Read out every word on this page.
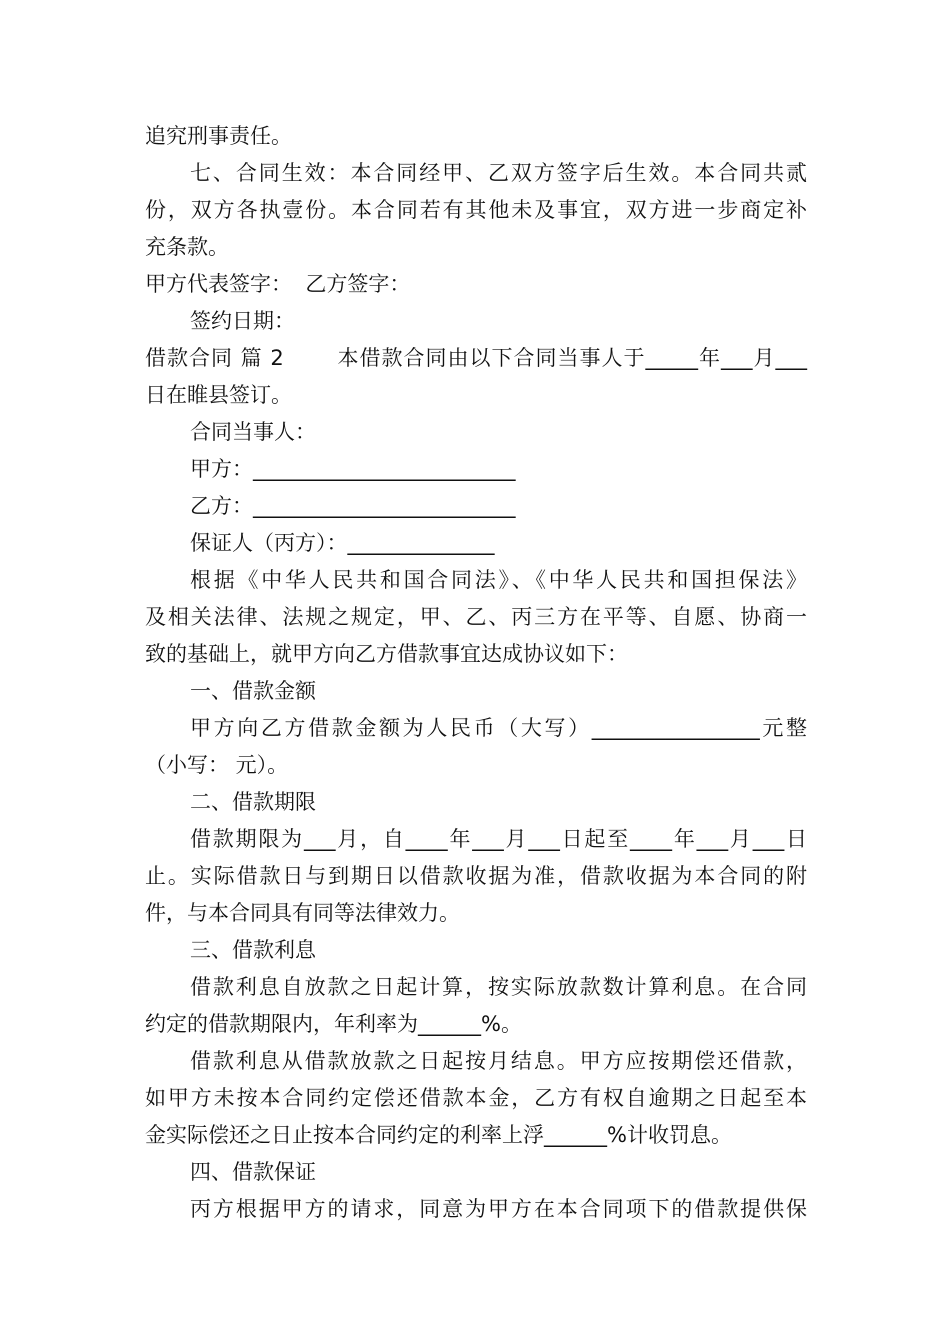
追究刑事责任。
七、合同生效：本合同经甲、乙双方签字后生效。本合同共贰
份，双方各执壹份。本合同若有其他未及事宜，双方进一步商定补
充条款。
甲方代表签字：  乙方签字：
签约日期：
借款合同 篇 2       本借款合同由以下合同当事人于_____年___月___
日在睢县签订。
合同当事人：
甲方：_________________________
乙方：_________________________
保证人（丙方）：______________
根据《中华人民共和国合同法》、《中华人民共和国担保法》
及相关法律、法规之规定，甲、乙、丙三方在平等、自愿、协商一
致的基础上，就甲方向乙方借款事宜达成协议如下：
一、借款金额
甲方向乙方借款金额为人民币（大写）________________元整
（小写： 元）。
二、借款期限
借款期限为___月，自____年___月___日起至____年___月___日
止。实际借款日与到期日以借款收据为准，借款收据为本合同的附
件，与本合同具有同等法律效力。
三、借款利息
借款利息自放款之日起计算，按实际放款数计算利息。在合同
约定的借款期限内，年利率为______%。
借款利息从借款放款之日起按月结息。甲方应按期偿还借款，
如甲方未按本合同约定偿还借款本金，乙方有权自逾期之日起至本
金实际偿还之日止按本合同约定的利率上浮______%计收罚息。
四、借款保证
丙方根据甲方的请求，同意为甲方在本合同项下的借款提供保
